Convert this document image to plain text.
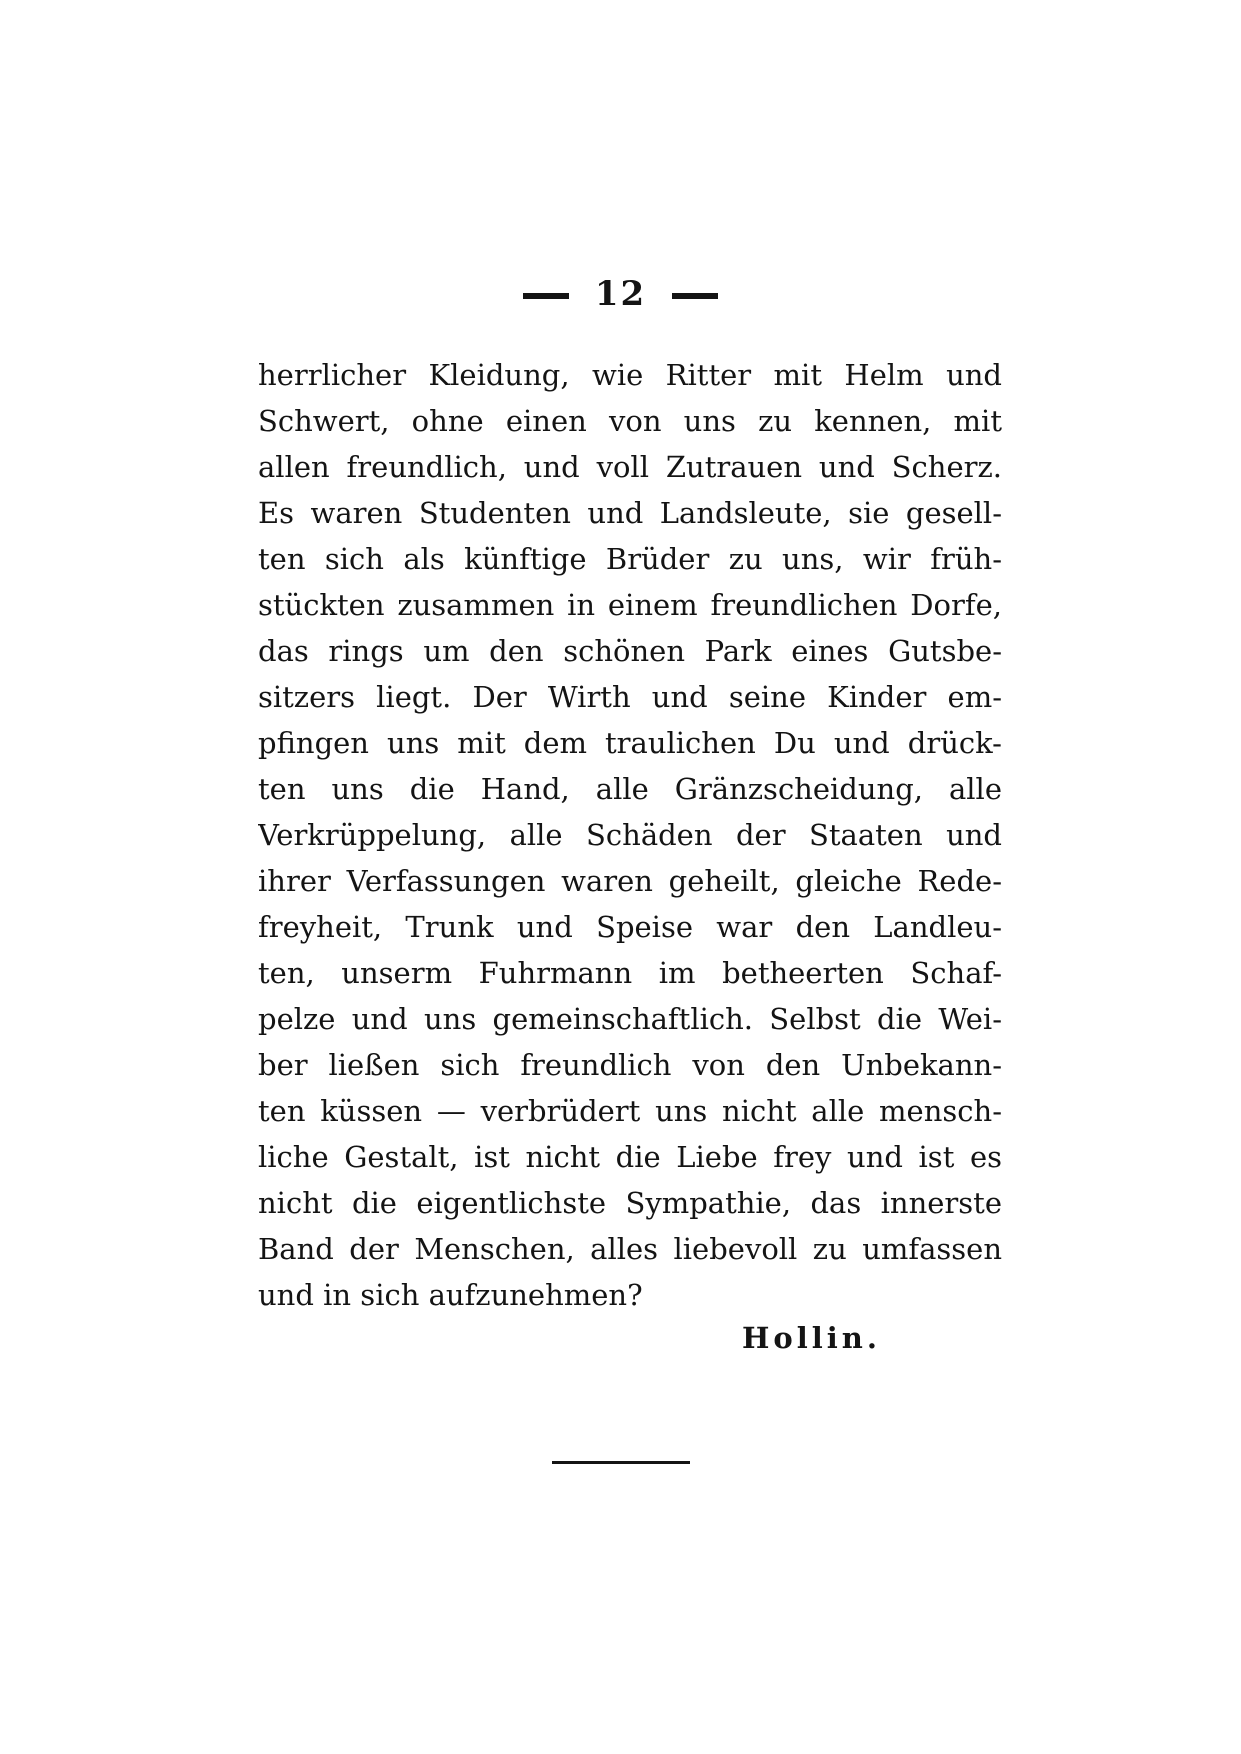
12
herrlicher Kleidung, wie Ritter mit Helm und
Schwert, ohne einen von uns zu kennen, mit
allen freundlich, und voll Zutrauen und Scherz.
Es waren Studenten und Landsleute, sie gesell-
ten sich als künftige Brüder zu uns, wir früh-
stückten zusammen in einem freundlichen Dorfe,
das rings um den schönen Park eines Gutsbe-
sitzers liegt. Der Wirth und seine Kinder em-
pfingen uns mit dem traulichen Du und drück-
ten uns die Hand, alle Gränzscheidung, alle
Verkrüppelung, alle Schäden der Staaten und
ihrer Verfassungen waren geheilt, gleiche Rede-
freyheit, Trunk und Speise war den Landleu-
ten, unserm Fuhrmann im betheerten Schaf-
pelze und uns gemeinschaftlich. Selbst die Wei-
ber ließen sich freundlich von den Unbekann-
ten küssen — verbrüdert uns nicht alle mensch-
liche Gestalt, ist nicht die Liebe frey und ist es
nicht die eigentlichste Sympathie, das innerste
Band der Menschen, alles liebevoll zu umfassen
und in sich aufzunehmen?
Hollin.
